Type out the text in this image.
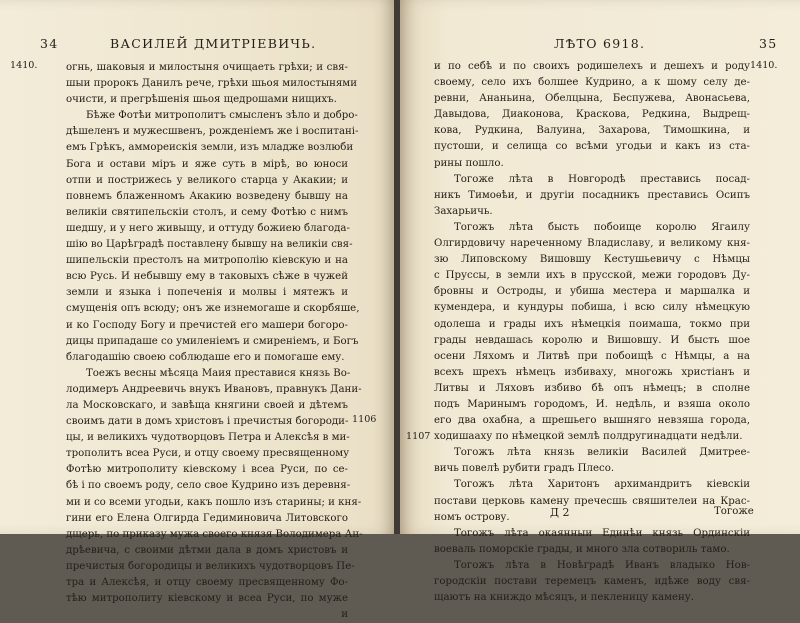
34	ВАСИЛЕЙ ДМИТРІЕВИЧЬ.
1410.
1106
огнь, шаковыя и милостыня очищаеть грѣхи; и свя-
шыи пророкъ Данилъ рече, грѣхи шьоя милостынями
очисти, и прегрѣшенія шьоя щедрошами нищихъ.
Бѣже Фотѣи митрополитъ смысленъ зѣло и добро-
дѣшеленъ и мужесшвенъ, рожденіемъ же і воспитані-
емъ Грѣкъ, аммореискія земли, изъ младже возлюби
Бога и остави міръ и яже суть в мірѣ, во юноси
отпи и пострижесь у великого старца у Акакии; и
повнемъ блаженномъ Акакию возведену бывшу на
великіи святипельскіи столъ, и сему Фотѣю с нимъ
шедшу, и у него живыщу, и оттуду божиею благода-
шію во Царѣградѣ поставлену бывшу на великіи свя-
шипельскіи престолъ на митрополію кіевскую и на
всю Русь. И небывшу ему в таковыхъ сѣже в чужей
земли и языка і попеченія и молвы і мятежъ и
смущенія опъ всюду; онъ же изнемогаше и скорбяше,
и ко Господу Богу и пречистей его машери богоро-
дицы припадаше со умиленіемъ и смиреніемъ, и Богъ
благодашію своею соблюдаше его и помогаше ему.
Тоежъ весны мѣсяца Маия преставися князь Во-
лодимеръ Андреевичь внукъ Ивановъ, правнукъ Дани-
ла Московскаго, и завѣща княгини своей и дѣтемъ
своимъ дати в домъ христовъ і пречистыя богороди-
цы, и великихъ чудотворцовъ Петра и Алексѣя в ми-
трополитъ всеа Руси, и отцу своему пресвященному
Фотѣю митрополиту кіевскому і всеа Руси, по се-
бѣ і по своемъ роду, село свое Кудрино изъ деревня-
ми и со всеми угодьи, какъ пошло изъ старины; и кня-
гини его Елена Олгирда Гедиминовича Литовского
дщерь, по приказу мужа своего князя Володимера Ан-
дрѣевича, с своими дѣтми дала в домъ христовъ и
пречистыя богородицы и великихъ чудотворцовъ Пе-
тра и Алексѣя, и отцу своему пресвященному Фо-
тѣю митрополиту кіевскому и всеа Руси, по муже
и
ЛѢТО 6918.	35
1410.
1107
и по себѣ и по своихъ родишелехъ и дешехъ и роду
своему, село ихъ болшее Кудрино, а к шому селу де-
ревни, Ананьина, Обелцына, Беспужева, Авонасьева,
Давыдова, Диаконова, Краскова, Редкина, Выдрещ-
кова, Рудкина, Валуина, Захарова, Тимошкина, и
пустоши, и селища со всѣми угодьи и какъ из ста-
рины пошло.
Тогоже лѣта в Новгородѣ преставись посад-
никъ Тимоѳѣи, и другіи посадникъ преставись Осипъ
Захарьичь.
Тогожъ лѣта бысть побоище королю Ягаилу
Олгирдовичу нареченному Владиславу, и великому кня-
зю Липовскому Вишовшу Кестушьевичу с Нѣмцы
с Пруссы, в земли ихъ в прусской, межи городовъ Ду-
бровны и Остроды, и убиша местера и маршалка и
кумендера, и кундуры побиша, і всю силу нѣмецкую
одолеша и грады ихъ нѣмецкія поимаша, токмо при
грады невдашась королю и Вишовшу. И бысть шое
осени Ляхомъ и Литвѣ при побоищѣ с Нѣмцы, а на
всехъ шрехъ нѣмецъ избиваху, многожь христіанъ и
Литвы и Ляховъ избиво бѣ опъ нѣмецъ; в сполне
подъ Маринымъ городомъ, И. недѣль, и взяша около
его два охабна, а шрешьего вышняго невзяша города,
ходишааху по нѣмецкой землѣ полдругинадцати недѣли.
Тогожъ лѣта князь великіи Василей Дмитрее-
вичь повелѣ рубити градъ Плесо.
Тогожъ лѣта Харитонъ архимандритъ кіевскіи
постави церковь камену пречесшь свяшителеи на Крас-
номъ острову.
Тогожъ лѣта окаянныи Единѣи князь Ординскіи
воеваль поморскіе грады, и много зла сотвориль тамо.
Тогожъ лѣта в Новѣградѣ Иванъ владыко Нов-
городскіи постави теремецъ каменъ, идѣже воду свя-
щаютъ на книждо мѣсяцъ, и пекленицу камену.
Д 2	Тогоже
